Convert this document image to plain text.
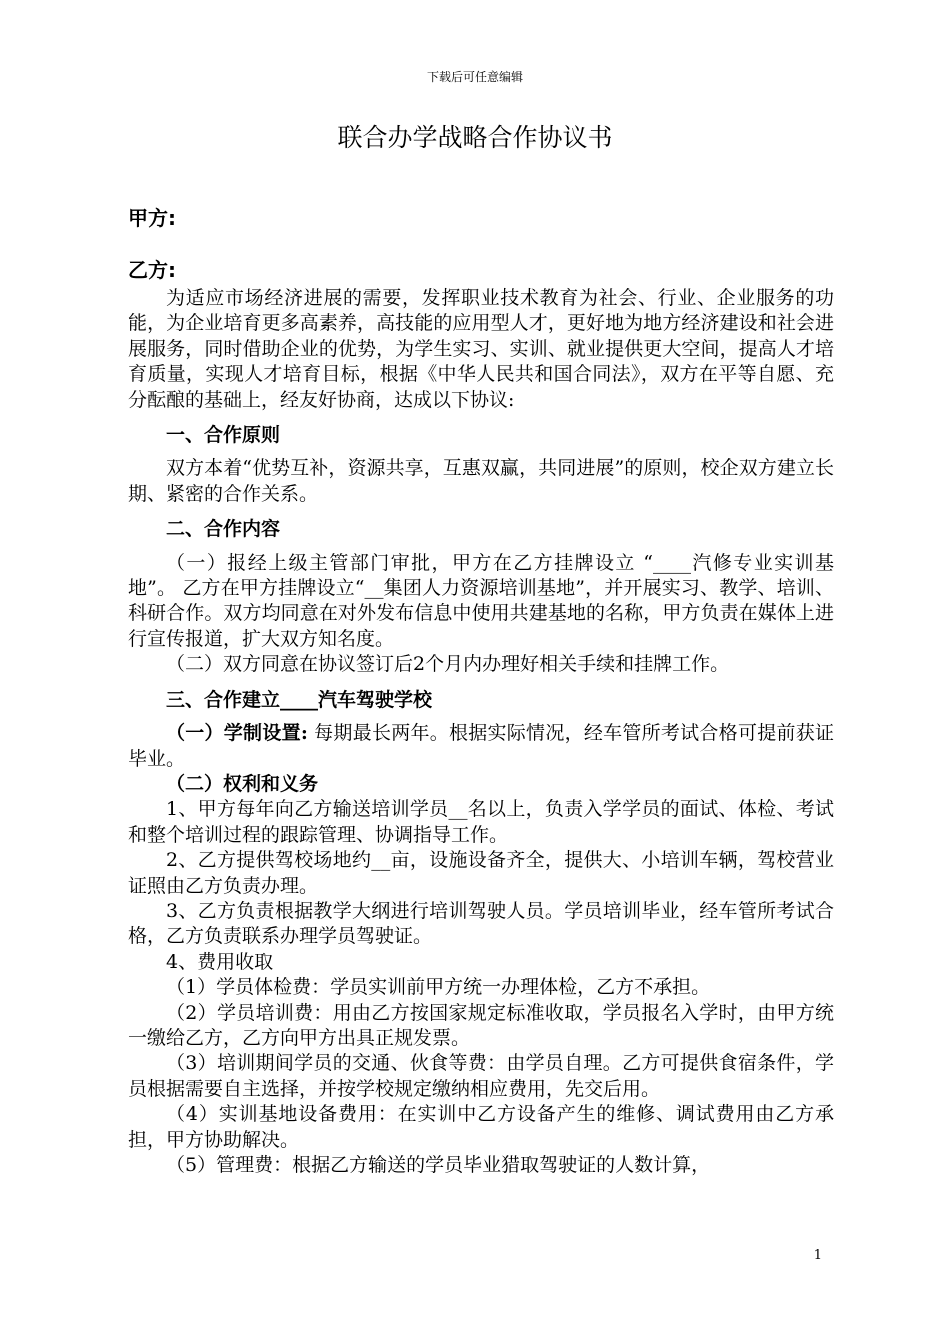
下载后可任意编辑
联合办学战略合作协议书
甲方:
乙方:

为适应市场经济进展的需要，发挥职业技术教育为社会、行业、企业服务的功能，为企业培育更多高素养，高技能的应用型人才，更好地为地方经济建设和社会进展服务，同时借助企业的优势，为学生实习、实训、就业提供更大空间，提高人才培育质量，实现人才培育目标，根据《中华人民共和国合同法》，双方在平等自愿、充分酝酿的基础上，经友好协商，达成以下协议:

一、合作原则

双方本着“优势互补，资源共享，互惠双赢，共同进展”的原则，校企双方建立长期、紧密的合作关系。

二、合作内容

（一）报经上级主管部门审批，甲方在乙方挂牌设立 “____汽修专业实训基地”。 乙方在甲方挂牌设立“__集团人力资源培训基地”，并开展实习、教学、培训、科研合作。双方均同意在对外发布信息中使用共建基地的名称，甲方负责在媒体上进行宣传报道，扩大双方知名度。

（二）双方同意在协议签订后2个月内办理好相关手续和挂牌工作。

三、合作建立____汽车驾驶学校

（一）学制设置: 每期最长两年。根据实际情况，经车管所考试合格可提前获证毕业。

（二）权利和义务

1、甲方每年向乙方输送培训学员__名以上，负责入学学员的面试、体检、考试和整个培训过程的跟踪管理、协调指导工作。

2、乙方提供驾校场地约__亩，设施设备齐全，提供大、小培训车辆，驾校营业证照由乙方负责办理。

3、乙方负责根据教学大纲进行培训驾驶人员。学员培训毕业，经车管所考试合格，乙方负责联系办理学员驾驶证。

4、费用收取

（1）学员体检费：学员实训前甲方统一办理体检，乙方不承担。

（2）学员培训费：用由乙方按国家规定标准收取，学员报名入学时，由甲方统一缴给乙方，乙方向甲方出具正规发票。

（3）培训期间学员的交通、伙食等费：由学员自理。乙方可提供食宿条件，学员根据需要自主选择，并按学校规定缴纳相应费用，先交后用。

（4）实训基地设备费用：在实训中乙方设备产生的维修、调试费用由乙方承担，甲方协助解决。

（5）管理费：根据乙方输送的学员毕业猎取驾驶证的人数计算，

1
